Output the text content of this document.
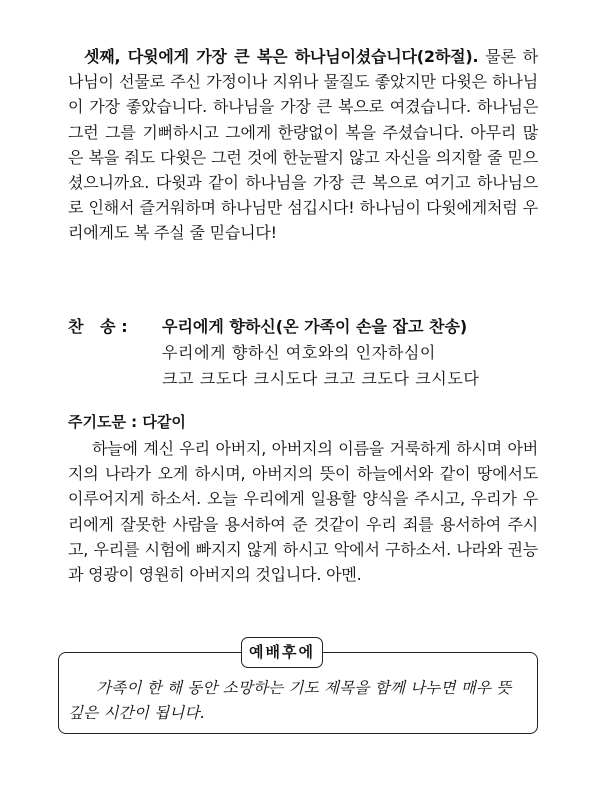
셋째, 다윗에게 가장 큰 복은 하나님이셨습니다(2하절). 물론 하나님이 선물로 주신 가정이나 지위나 물질도 좋았지만 다윗은 하나님이 가장 좋았습니다. 하나님을 가장 큰 복으로 여겼습니다. 하나님은 그런 그를 기뻐하시고 그에게 한량없이 복을 주셨습니다. 아무리 많은 복을 줘도 다윗은 그런 것에 한눈팔지 않고 자신을 의지할 줄 믿으셨으니까요. 다윗과 같이 하나님을 가장 큰 복으로 여기고 하나님으로 인해서 즐거워하며 하나님만 섬깁시다! 하나님이 다윗에게처럼 우리에게도 복 주실 줄 믿습니다!

찬   송 : 우리에게 향하신(온 가족이 손을 잡고 찬송)
우리에게 향하신 여호와의 인자하심이
크고 크도다 크시도다 크고 크도다 크시도다
주기도문 : 다같이

하늘에 계신 우리 아버지, 아버지의 이름을 거룩하게 하시며 아버지의 나라가 오게 하시며, 아버지의 뜻이 하늘에서와 같이 땅에서도 이루어지게 하소서. 오늘 우리에게 일용할 양식을 주시고, 우리가 우리에게 잘못한 사람을 용서하여 준 것같이 우리 죄를 용서하여 주시고, 우리를 시험에 빠지지 않게 하시고 악에서 구하소서. 나라와 권능과 영광이 영원히 아버지의 것입니다. 아멘.

예배후에

가족이 한 해 동안 소망하는 기도 제목을 함께 나누면 매우 뜻깊은 시간이 됩니다.
